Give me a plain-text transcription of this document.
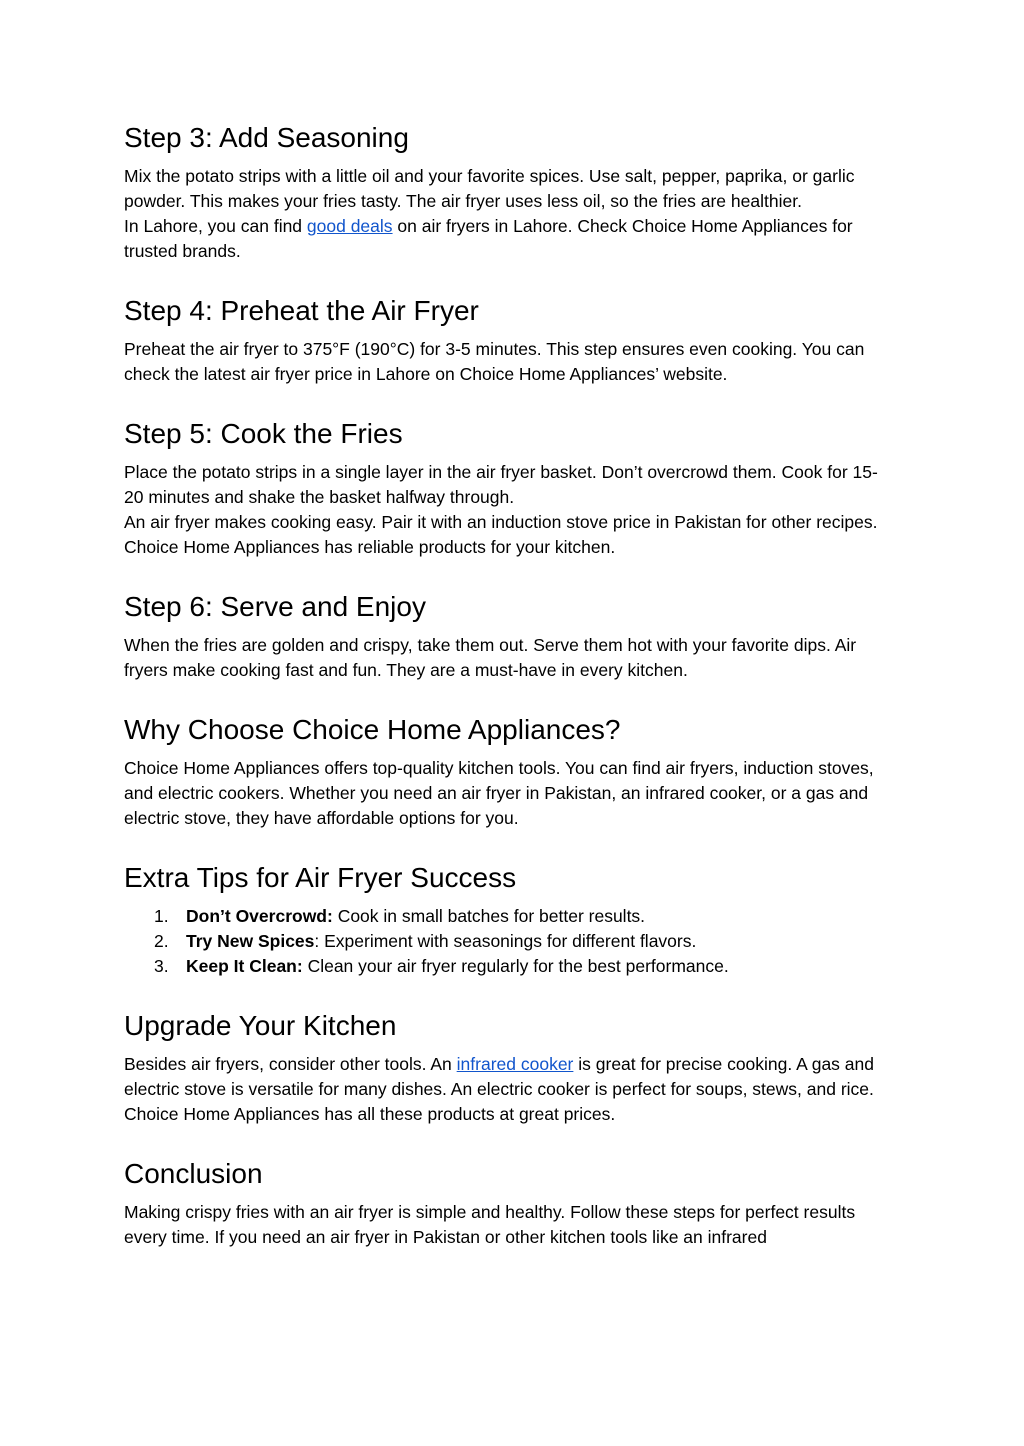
Step 3: Add Seasoning

Mix the potato strips with a little oil and your favorite spices. Use salt, pepper, paprika, or garlic powder. This makes your fries tasty. The air fryer uses less oil, so the fries are healthier.

In Lahore, you can find good deals on air fryers in Lahore. Check Choice Home Appliances for trusted brands.

Step 4: Preheat the Air Fryer

Preheat the air fryer to 375°F (190°C) for 3-5 minutes. This step ensures even cooking. You can check the latest air fryer price in Lahore on Choice Home Appliances’ website.

Step 5: Cook the Fries

Place the potato strips in a single layer in the air fryer basket. Don’t overcrowd them. Cook for 15-20 minutes and shake the basket halfway through.

An air fryer makes cooking easy. Pair it with an induction stove price in Pakistan for other recipes. Choice Home Appliances has reliable products for your kitchen.

Step 6: Serve and Enjoy

When the fries are golden and crispy, take them out. Serve them hot with your favorite dips. Air fryers make cooking fast and fun. They are a must-have in every kitchen.

Why Choose Choice Home Appliances?

Choice Home Appliances offers top-quality kitchen tools. You can find air fryers, induction stoves, and electric cookers. Whether you need an air fryer in Pakistan, an infrared cooker, or a gas and electric stove, they have affordable options for you.

Extra Tips for Air Fryer Success
1. Don’t Overcrowd: Cook in small batches for better results.
2. Try New Spices: Experiment with seasonings for different flavors.
3. Keep It Clean: Clean your air fryer regularly for the best performance.
Upgrade Your Kitchen

Besides air fryers, consider other tools. An infrared cooker is great for precise cooking. A gas and electric stove is versatile for many dishes. An electric cooker is perfect for soups, stews, and rice. Choice Home Appliances has all these products at great prices.

Conclusion

Making crispy fries with an air fryer is simple and healthy. Follow these steps for perfect results every time. If you need an air fryer in Pakistan or other kitchen tools like an infrared
